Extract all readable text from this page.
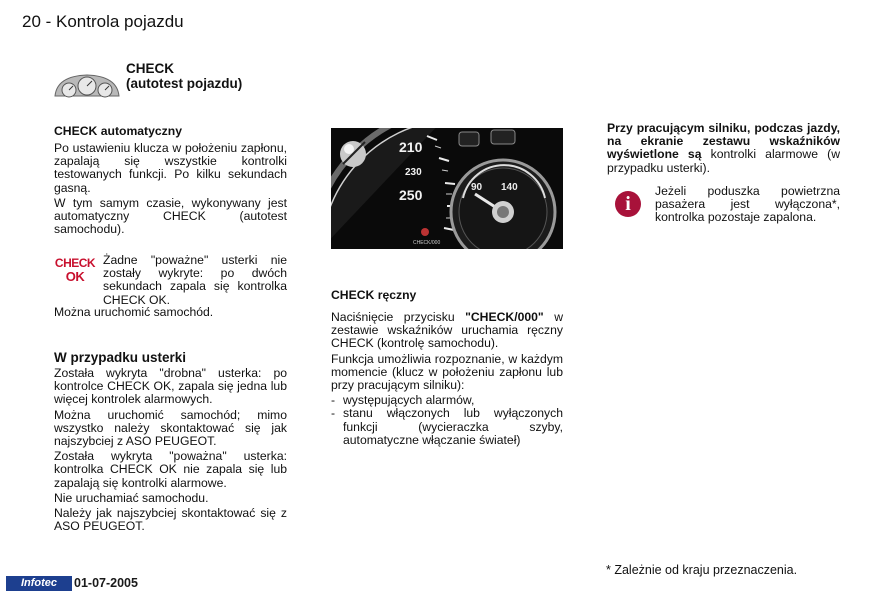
20 - Kontrola pojazdu
CHECK
(autotest pojazdu)
CHECK automatyczny

Po ustawieniu klucza w położeniu zapłonu, zapalają się wszystkie kontrolki testowanych funkcji. Po kilku sekundach gasną.

W tym samym czasie, wykonywany jest automatyczny CHECK (autotest samochodu).

CHECK
OK

Żadne "poważne" usterki nie zostały wykryte: po dwóch sekundach zapala się kontrolka CHECK OK.

Można uruchomić samochód.

W przypadku usterki

Została wykryta "drobna" usterka: po kontrolce CHECK OK, zapala się jedna lub więcej kontrolek alarmowych.

Można uruchomić samochód; mimo wszystko należy skontaktować się jak najszybciej z ASO PEUGEOT.

Została wykryta "poważna" usterka: kontrolka CHECK OK nie zapala się lub zapalają się kontrolki alarmowe.

Nie uruchamiać samochodu.

Należy jak najszybciej skontaktować się z ASO PEUGEOT.

210
230
250	90 140
CHECK/000
CHECK ręczny

Naciśnięcie przycisku "CHECK/000" w zestawie wskaźników uruchamia ręczny CHECK (kontrolę samochodu).

Funkcja umożliwia rozpoznanie, w każdym momencie (klucz w położeniu zapłonu lub przy pracującym silniku):

- występujących alarmów,
- stanu włączonych lub wyłączonych funkcji (wycieraczka szyby, automatyczne włączanie świateł)

Przy pracującym silniku, podczas jazdy, na ekranie zestawu wskaźników wyświetlone są kontrolki alarmowe (w przypadku usterki).

i

Jeżeli poduszka powietrzna pasażera jest wyłączona*, kontrolka pozostaje zapalona.

* Zależnie od kraju przeznaczenia.
Infotec	01-07-2005
